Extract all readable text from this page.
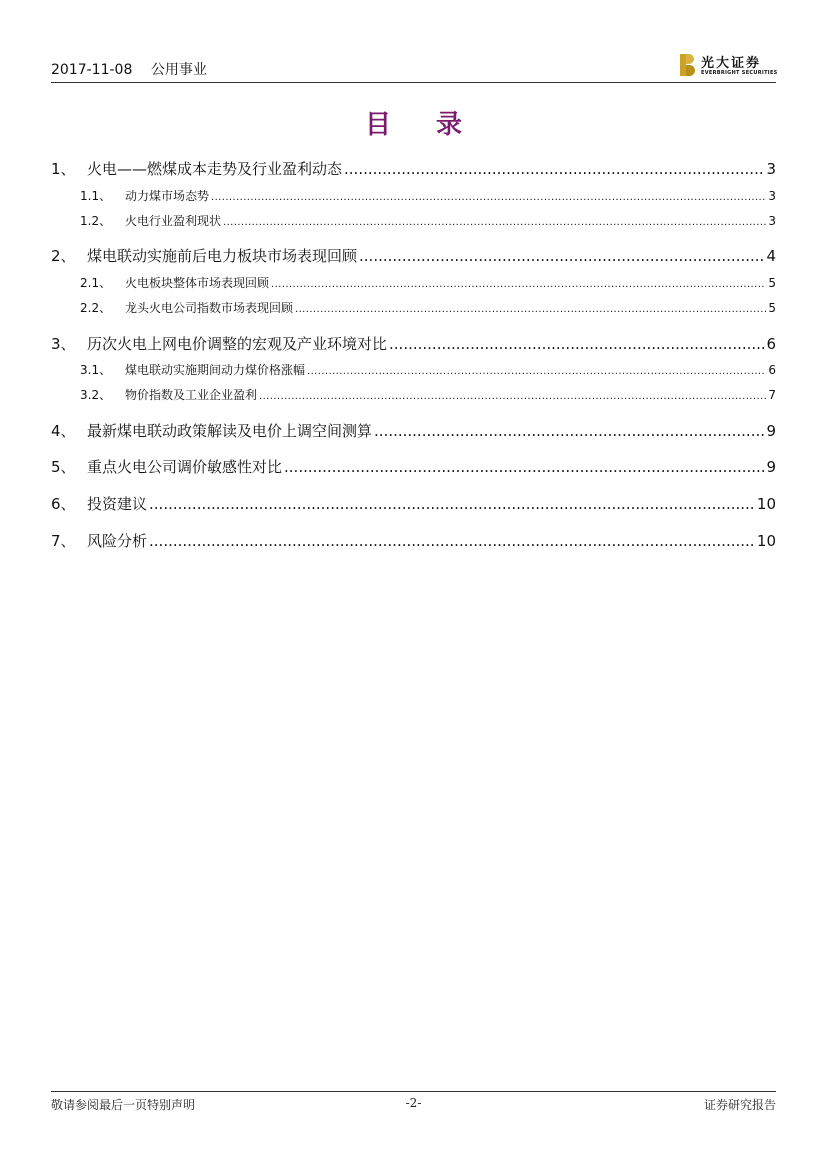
2017-11-08 公用事业	光大证券
EVERBRIGHT SECURITIES
目 录
1、 火电——燃煤成本走势及行业盈利动态 .....	3
1.1、	动力煤市场态势 .....	3
1.2、	火电行业盈利现状 .....	3
2、 煤电联动实施前后电力板块市场表现回顾 .....	4
2.1、	火电板块整体市场表现回顾 .....	5
2.2、	龙头火电公司指数市场表现回顾 .....	5
3、 历次火电上网电价调整的宏观及产业环境对比 .....	6
3.1、	煤电联动实施期间动力煤价格涨幅 .....	6
3.2、	物价指数及工业企业盈利 .....	7
4、 最新煤电联动政策解读及电价上调空间测算 .....	9
5、 重点火电公司调价敏感性对比 .....	9
6、 投资建议 .....	10
7、 风险分析 .....	10
敬请参阅最后一页特别声明	-2-	证券研究报告
